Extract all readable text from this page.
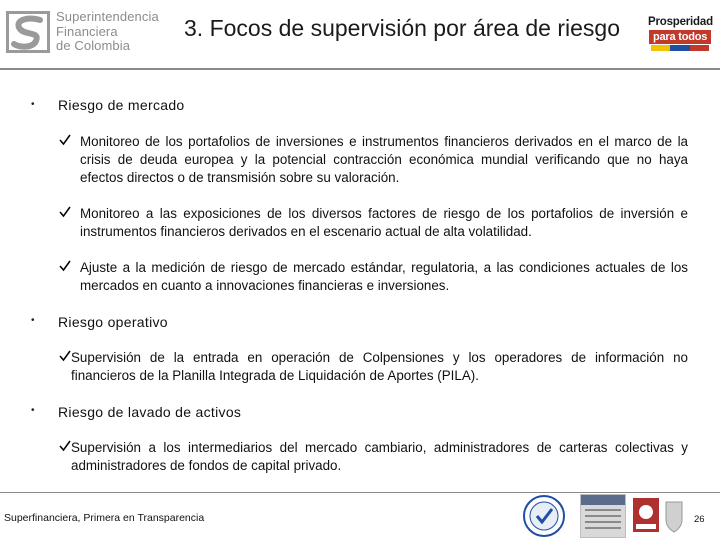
Superintendencia
Financiera
de Colombia
3. Focos de supervisión por área de riesgo	Prosperidad
para todos
• Riesgo de mercado
Monitoreo de los portafolios de inversiones e instrumentos financieros derivados en el marco de la crisis de deuda europea y la potencial contracción económica mundial verificando que no haya efectos directos o de transmisión sobre su valoración.
Monitoreo a las exposiciones de los diversos factores de riesgo de los portafolios de inversión e instrumentos financieros derivados en el escenario actual de alta volatilidad.
Ajuste a la medición de riesgo de mercado estándar, regulatoria, a las condiciones actuales de los mercados en cuanto a innovaciones financieras e inversiones.
• Riesgo operativo
Supervisión de la entrada en operación de Colpensiones y los operadores de información no financieros de la Planilla Integrada de Liquidación de Aportes (PILA).
• Riesgo de lavado de activos
Supervisión a los intermediarios del mercado cambiario, administradores de carteras colectivas y administradores de fondos de capital privado.
Superfinanciera, Primera en Transparencia	26
